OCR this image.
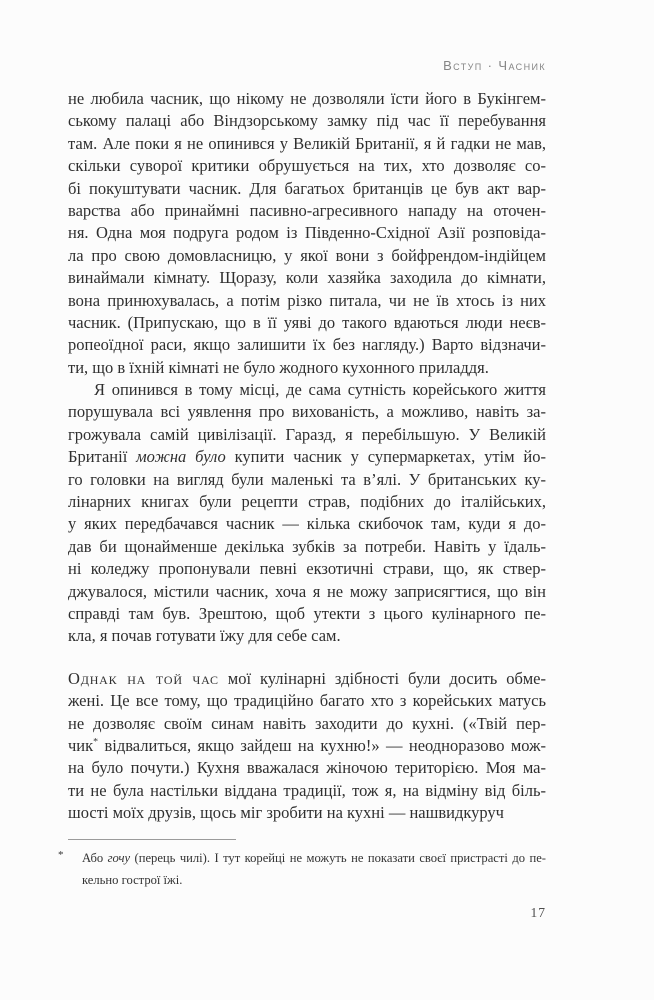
Вступ · Часник
не любила часник, що нікому не дозволяли їсти його в Букінгем-
ському палаці або Віндзорському замку під час її перебування
там. Але поки я не опинився у Великій Британії, я й гадки не мав,
скільки суворої критики обрушується на тих, хто дозволяє со-
бі покуштувати часник. Для багатьох британців це був акт вар-
варства або принаймні пасивно-агресивного нападу на оточен-
ня. Одна моя подруга родом із Південно-Східної Азії розповіда-
ла про свою домовласницю, у якої вони з бойфрендом-індійцем
винаймали кімнату. Щоразу, коли хазяйка заходила до кімнати,
вона принюхувалась, а потім різко питала, чи не їв хтось із них
часник. (Припускаю, що в її уяві до такого вдаються люди неєв-
ропеоїдної раси, якщо залишити їх без нагляду.) Варто відзначи-
ти, що в їхній кімнаті не було жодного кухонного приладдя.
Я опинився в тому місці, де сама сутність корейського життя
порушувала всі уявлення про вихованість, а можливо, навіть за-
грожувала самій цивілізації. Гаразд, я перебільшую. У Великій
Британії можна було купити часник у супермаркетах, утім йо-
го головки на вигляд були маленькі та в’ялі. У британських ку-
лінарних книгах були рецепти страв, подібних до італійських,
у яких передбачався часник — кілька скибочок там, куди я до-
дав би щонайменше декілька зубків за потреби. Навіть у їдаль-
ні коледжу пропонували певні екзотичні страви, що, як ствер-
джувалося, містили часник, хоча я не можу заприсягтися, що він
справді там був. Зрештою, щоб утекти з цього кулінарного пе-
кла, я почав готувати їжу для себе сам.
Однак на той час мої кулінарні здібності були досить обме-
жені. Це все тому, що традиційно багато хто з корейських матусь
не дозволяє своїм синам навіть заходити до кухні. («Твій пер-
чик* відвалиться, якщо зайдеш на кухню!» — неодноразово мож-
на було почути.) Кухня вважалася жіночою територією. Моя ма-
ти не була настільки віддана традиції, тож я, на відміну від біль-
шості моїх друзів, щось міг зробити на кухні — нашвидкуруч
* Або гочу (перець чилі). І тут корейці не можуть не показати своєї пристрасті до пе-
кельно гострої їжі.
17
